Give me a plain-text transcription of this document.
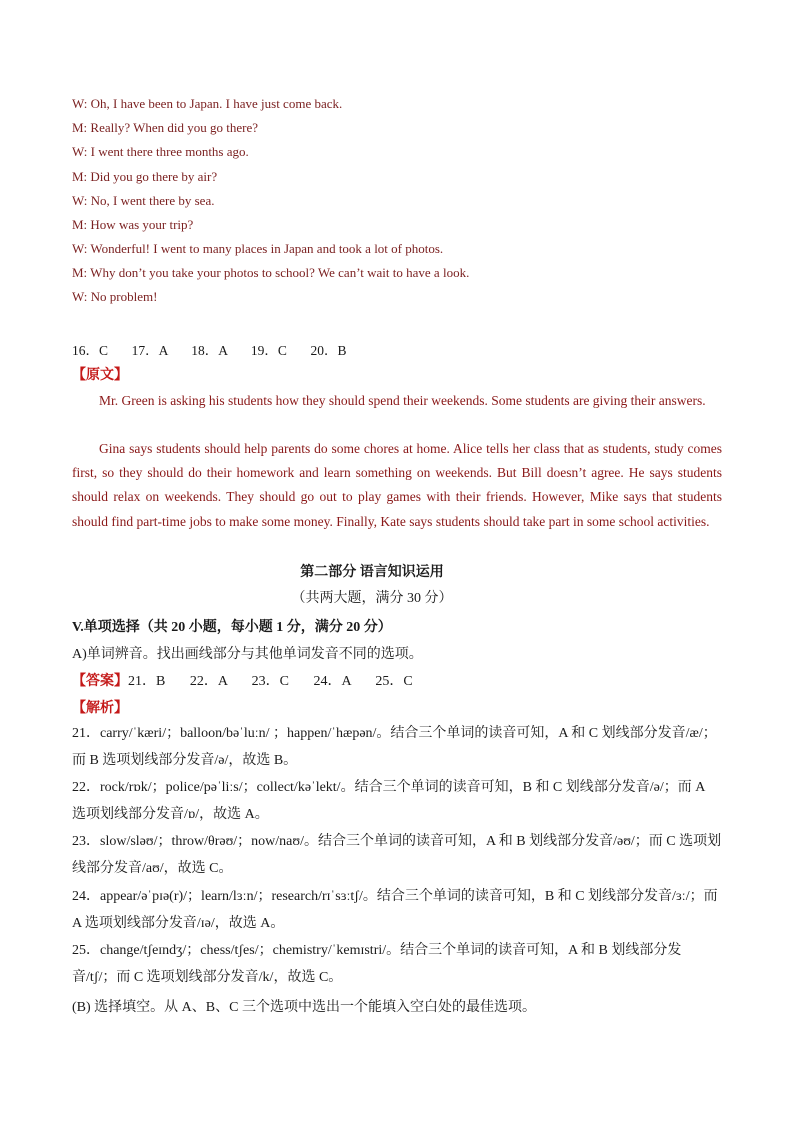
W: Oh, I have been to Japan. I have just come back.
M: Really? When did you go there?
W: I went there three months ago.
M: Did you go there by air?
W: No, I went there by sea.
M: How was your trip?
W: Wonderful! I went to many places in Japan and took a lot of photos.
M: Why don’t you take your photos to school? We can’t wait to have a look.
W: No problem!
16．C       17．A       18．A       19．C       20．B
【原文】

Mr. Green is asking his students how they should spend their weekends. Some students are giving their answers.

Gina says students should help parents do some chores at home. Alice tells her class that as students, study comes first, so they should do their homework and learn something on weekends. But Bill doesn’t agree. He says students should relax on weekends. They should go out to play games with their friends. However, Mike says that students should find part-time jobs to make some money. Finally, Kate says students should take part in some school activities.

第二部分 语言知识运用
（共两大题，满分 30 分）
V.单项选择（共 20 小题，每小题 1 分，满分 20 分）
A)单词辨音。找出画线部分与其他单词发音不同的选项。
【答案】21．B       22．A       23．C       24．A       25．C
【解析】

21．carry/ˈkæri/；balloon/bəˈluːn/ ；happen/ˈhæpən/。结合三个单词的读音可知，A 和 C 划线部分发音/æ/；而 B 选项划线部分发音/ə/，故选 B。

22．rock/rɒk/；police/pəˈliːs/；collect/kəˈlekt/。结合三个单词的读音可知，B 和 C 划线部分发音/ə/；而 A 选项划线部分发音/ɒ/，故选 A。

23．slow/sləʊ/；throw/θrəʊ/；now/naʊ/。结合三个单词的读音可知，A 和 B 划线部分发音/əʊ/；而 C 选项划线部分发音/aʊ/，故选 C。

24．appear/əˈpɪə(r)/；learn/lɜːn/；research/rɪˈsɜːtʃ/。结合三个单词的读音可知，B 和 C 划线部分发音/ɜː/；而 A 选项划线部分发音/ɪə/，故选 A。

25．change/tʃeɪndʒ/；chess/tʃes/；chemistry/ˈkemɪstri/。结合三个单词的读音可知，A 和 B 划线部分发音/tʃ/；而 C 选项划线部分发音/k/，故选 C。

(B) 选择填空。从 A、B、C 三个选项中选出一个能填入空白处的最佳选项。
